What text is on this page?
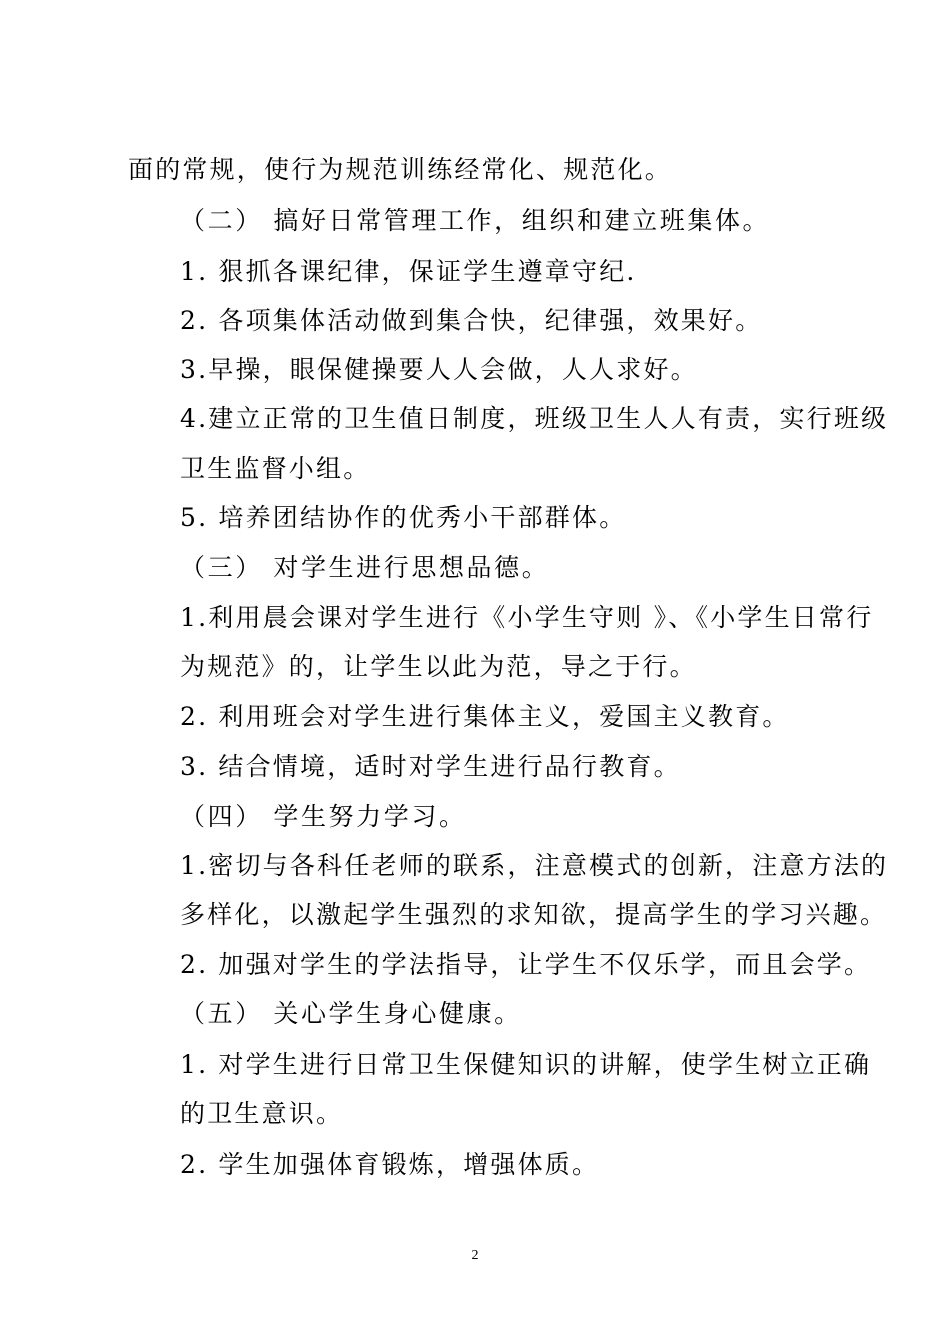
面的常规，使行为规范训练经常化、规范化。
（二） 搞好日常管理工作，组织和建立班集体。
1. 狠抓各课纪律，保证学生遵章守纪.
2. 各项集体活动做到集合快，纪律强，效果好。
3.早操，眼保健操要人人会做，人人求好。
4.建立正常的卫生值日制度，班级卫生人人有责，实行班级
卫生监督小组。
5. 培养团结协作的优秀小干部群体。
（三） 对学生进行思想品德。
1.利用晨会课对学生进行《小学生守则 》、《小学生日常行
为规范》的，让学生以此为范，导之于行。
2. 利用班会对学生进行集体主义，爱国主义教育。
3. 结合情境，适时对学生进行品行教育。
（四） 学生努力学习。
1.密切与各科任老师的联系，注意模式的创新，注意方法的
多样化，以激起学生强烈的求知欲，提高学生的学习兴趣。
2. 加强对学生的学法指导，让学生不仅乐学，而且会学。
（五） 关心学生身心健康。
1. 对学生进行日常卫生保健知识的讲解，使学生树立正确
的卫生意识。
2. 学生加强体育锻炼，增强体质。
2
